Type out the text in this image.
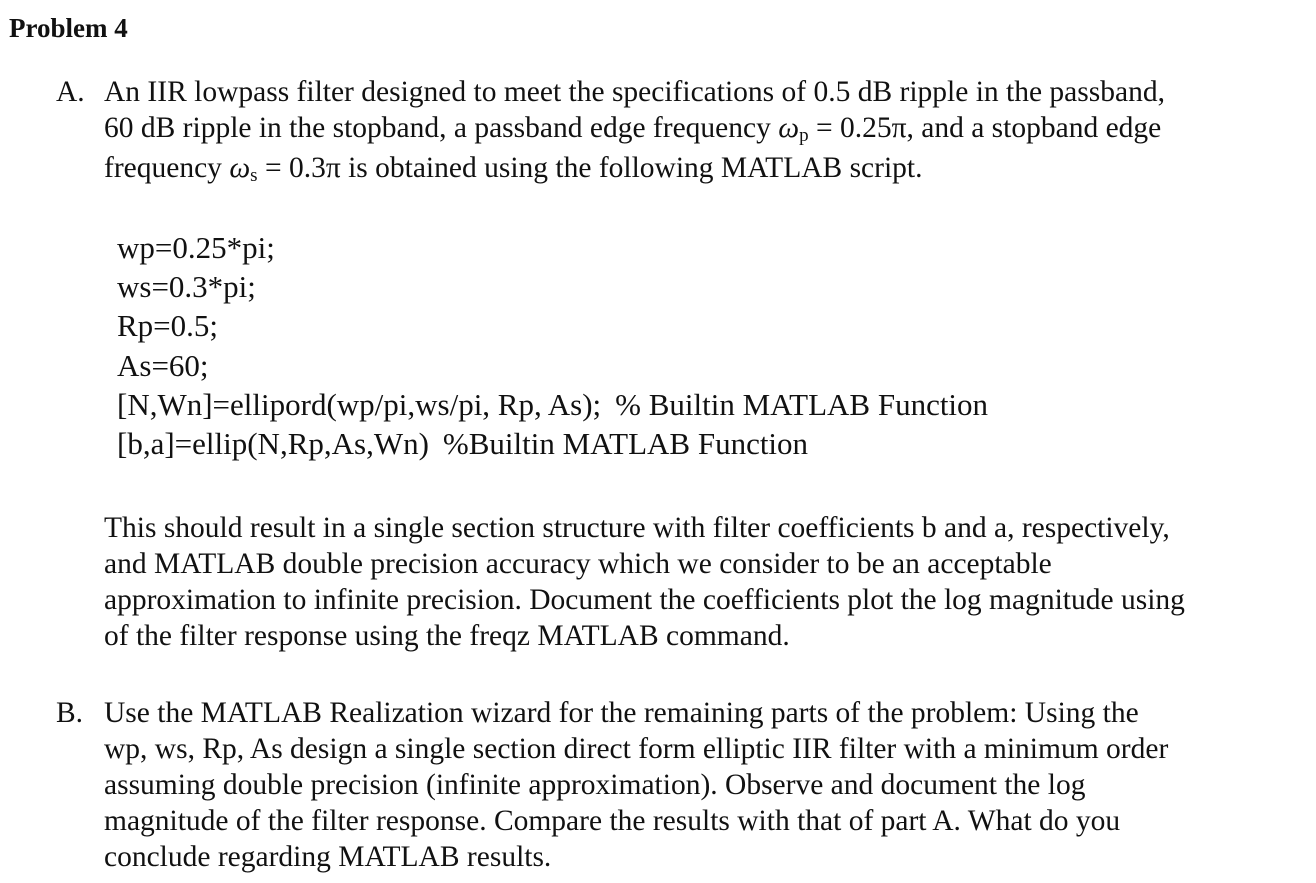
Problem 4
A. An IIR lowpass filter designed to meet the specifications of 0.5 dB ripple in the passband,
60 dB ripple in the stopband, a passband edge frequency ωp = 0.25π, and a stopband edge
frequency ωs = 0.3π is obtained using the following MATLAB script.
wp=0.25*pi;
ws=0.3*pi;
Rp=0.5;
As=60;
[N,Wn]=ellipord(wp/pi,ws/pi, Rp, As); % Builtin MATLAB Function
[b,a]=ellip(N,Rp,As,Wn) %Builtin MATLAB Function
This should result in a single section structure with filter coefficients b and a, respectively,
and MATLAB double precision accuracy which we consider to be an acceptable
approximation to infinite precision. Document the coefficients plot the log magnitude using
of the filter response using the freqz MATLAB command.
B. Use the MATLAB Realization wizard for the remaining parts of the problem: Using the
wp, ws, Rp, As design a single section direct form elliptic IIR filter with a minimum order
assuming double precision (infinite approximation). Observe and document the log
magnitude of the filter response. Compare the results with that of part A. What do you
conclude regarding MATLAB results.
